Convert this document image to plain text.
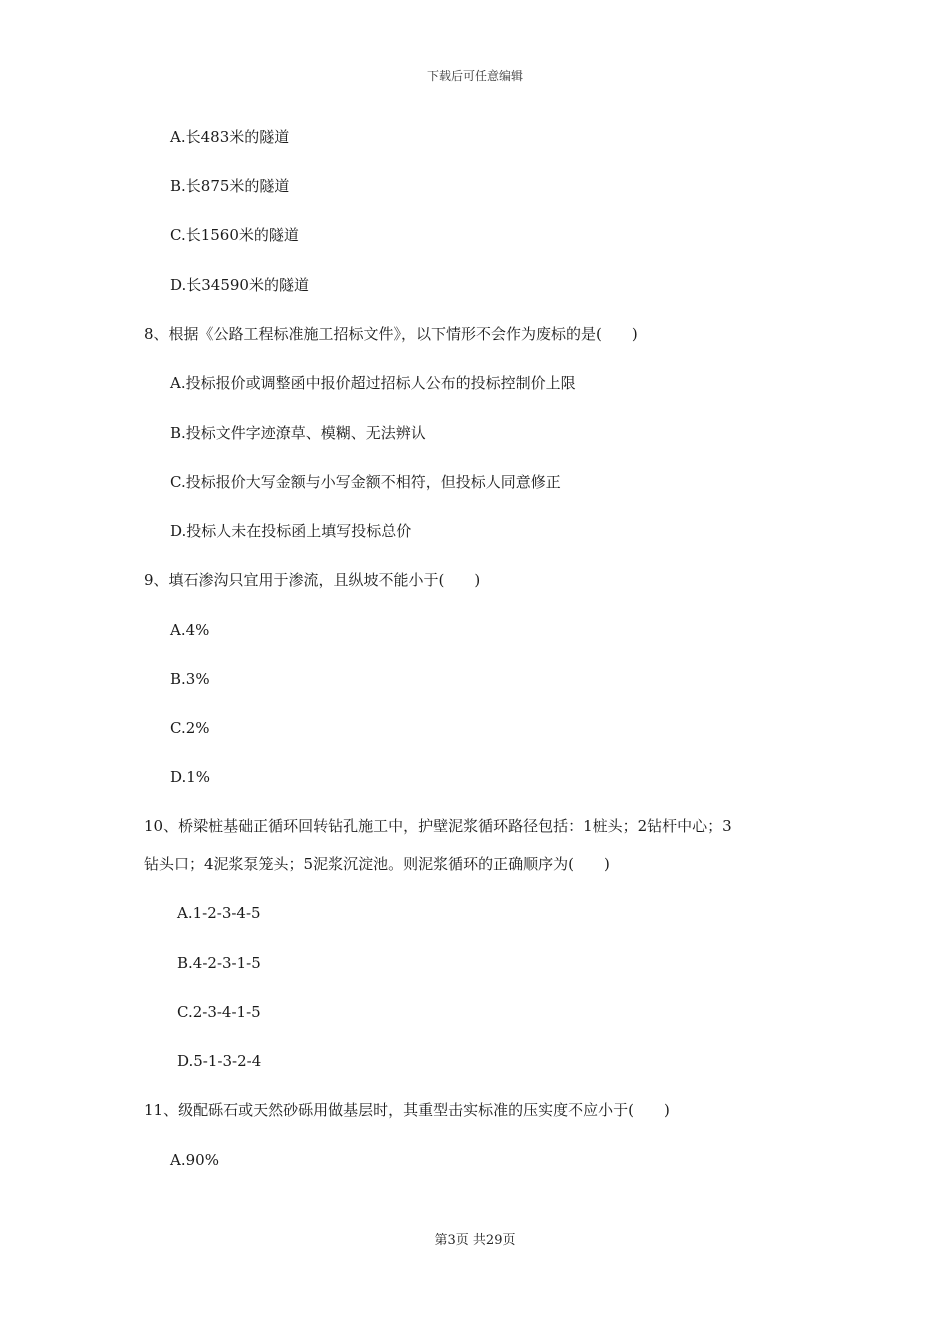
下载后可任意编辑
A.长483米的隧道
B.长875米的隧道
C.长1560米的隧道
D.长34590米的隧道
8、根据《公路工程标准施工招标文件》，以下情形不会作为废标的是(　　)
A.投标报价或调整函中报价超过招标人公布的投标控制价上限
B.投标文件字迹潦草、模糊、无法辨认
C.投标报价大写金额与小写金额不相符，但投标人同意修正
D.投标人未在投标函上填写投标总价
9、填石渗沟只宜用于渗流，且纵坡不能小于(　　)
A.4%
B.3%
C.2%
D.1%
10、桥梁桩基础正循环回转钻孔施工中，护壁泥浆循环路径包括：1桩头；2钻杆中心；3
钻头口；4泥浆泵笼头；5泥浆沉淀池。则泥浆循环的正确顺序为(　　)
A.1-2-3-4-5
B.4-2-3-1-5
C.2-3-4-1-5
D.5-1-3-2-4
11、级配砾石或天然砂砾用做基层时，其重型击实标准的压实度不应小于(　　)
A.90%
第3页 共29页
